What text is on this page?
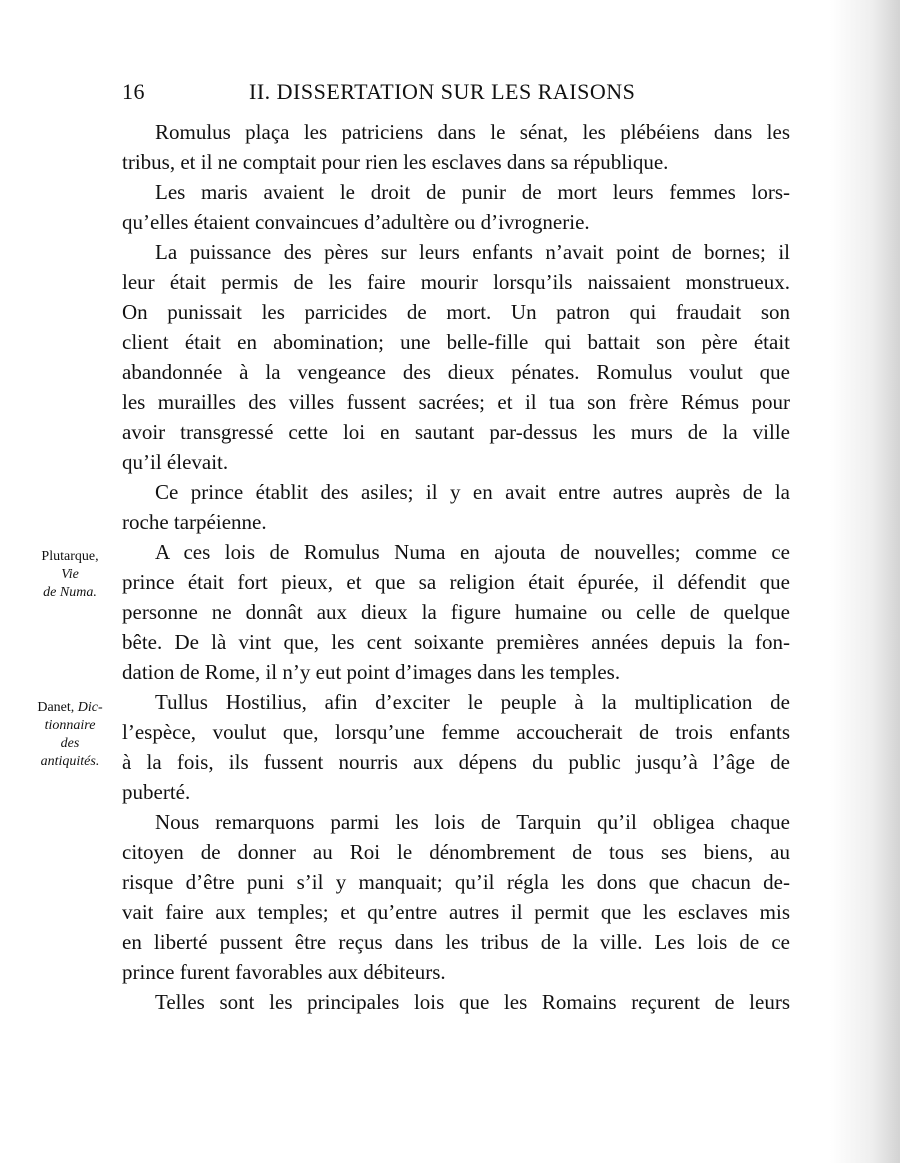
16	II. DISSERTATION SUR LES RAISONS

Romulus plaça les patriciens dans le sénat, les plébéiens dans les
tribus, et il ne comptait pour rien les esclaves dans sa république.

Les maris avaient le droit de punir de mort leurs femmes lors-
qu’elles étaient convaincues d’adultère ou d’ivrognerie.

La puissance des pères sur leurs enfants n’avait point de bornes; il
leur était permis de les faire mourir lorsqu’ils naissaient monstrueux.
On punissait les parricides de mort. Un patron qui fraudait son
client était en abomination; une belle-fille qui battait son père était
abandonnée à la vengeance des dieux pénates. Romulus voulut que
les murailles des villes fussent sacrées; et il tua son frère Rémus pour
avoir transgressé cette loi en sautant par-dessus les murs de la ville
qu’il élevait.

Ce prince établit des asiles; il y en avait entre autres auprès de la
roche tarpéienne.

A ces lois de Romulus Numa en ajouta de nouvelles; comme ce
prince était fort pieux, et que sa religion était épurée, il défendit que
personne ne donnât aux dieux la figure humaine ou celle de quelque
bête. De là vint que, les cent soixante premières années depuis la fon-
dation de Rome, il n’y eut point d’images dans les temples.

Tullus Hostilius, afin d’exciter le peuple à la multiplication de
l’espèce, voulut que, lorsqu’une femme accoucherait de trois enfants
à la fois, ils fussent nourris aux dépens du public jusqu’à l’âge de
puberté.

Nous remarquons parmi les lois de Tarquin qu’il obligea chaque
citoyen de donner au Roi le dénombrement de tous ses biens, au
risque d’être puni s’il y manquait; qu’il régla les dons que chacun de-
vait faire aux temples; et qu’entre autres il permit que les esclaves mis
en liberté pussent être reçus dans les tribus de la ville. Les lois de ce
prince furent favorables aux débiteurs.

Telles sont les principales lois que les Romains reçurent de leurs

Plutarque,
Vie
de Numa.
Danet, Dic-
tionnaire
des
antiquités.
